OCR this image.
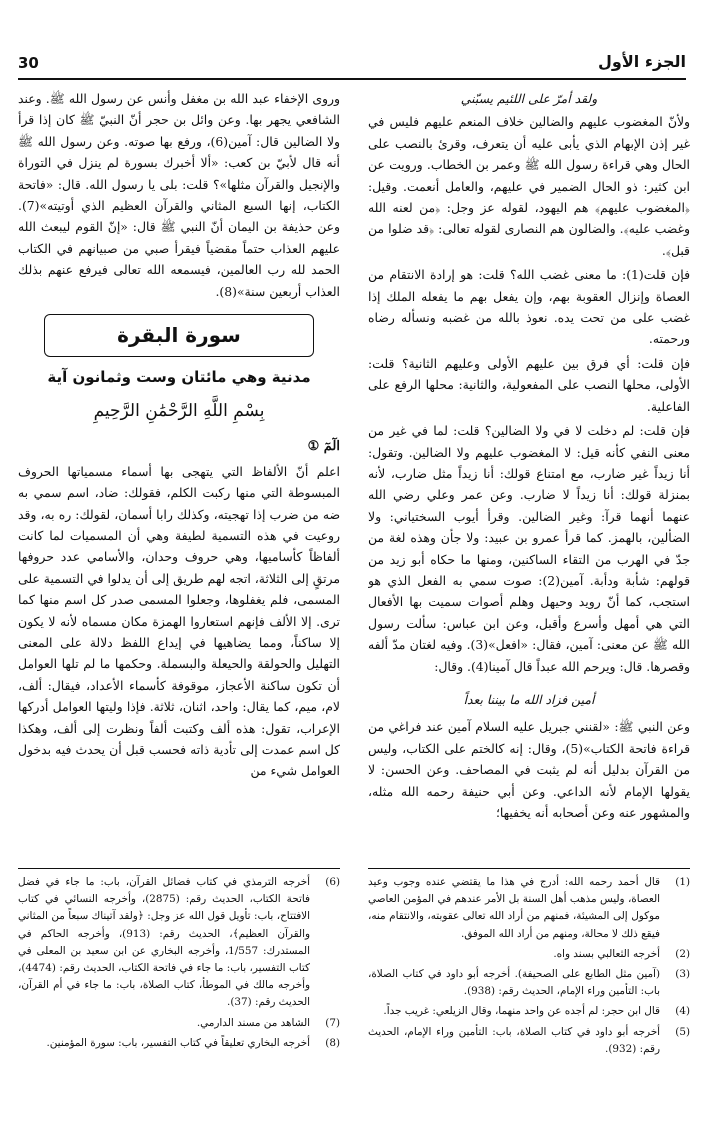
30	الجزء الأول

ولقد أمرّ على اللئيم يسبّني

ولأنّ المغضوب عليهم والضالين خلاف المنعم عليهم فليس في غير إذن الإبهام الذي يأبى عليه أن يتعرف، وقرئ بالنصب على الحال وهي قراءة رسول الله ﷺ وعمر بن الخطاب. ورويت عن ابن كثير: ذو الحال الضمير في عليهم، والعامل أنعمت. وقيل: ﴿المغضوب عليهم﴾ هم اليهود، لقوله عز وجل: ﴿من لعنه الله وغضب عليه﴾. والضالون هم النصارى لقوله تعالى: ﴿قد ضلوا من قبل﴾.

فإن قلت(1): ما معنى غضب الله؟ قلت: هو إرادة الانتقام من العصاة وإنزال العقوبة بهم، وإن يفعل بهم ما يفعله الملك إذا غضب على من تحت يده. نعوذ بالله من غضبه ونسأله رضاه ورحمته.

فإن قلت: أي فرق بين عليهم الأولى وعليهم الثانية؟ قلت: الأولى، محلها النصب على المفعولية، والثانية: محلها الرفع على الفاعلية.

فإن قلت: لم دخلت لا في ولا الضالين؟ قلت: لما في غير من معنى النفي كأنه قيل: لا المغضوب عليهم ولا الضالين. وتقول: أنا زيداً غير ضارب، مع امتناع قولك: أنا زيداً مثل ضارب، لأنه بمنزلة قولك: أنا زيداً لا ضارب. وعن عمر وعلي رضي الله عنهما أنهما قرآ: وغير الضالين. وقرأ أيوب السختياني: ولا الضألين، بالهمز. كما قرأ عمرو بن عبيد: ولا جأن وهذه لغة من جدّ في الهرب من التقاء الساكنين، ومنها ما حكاه أبو زيد من قولهم: شأبة ودأبة. آمين(2): صوت سمي به الفعل الذي هو استجب، كما أنّ رويد وحيهل وهلم أصوات سميت بها الأفعال التي هي أمهل وأسرع وأقبل، وعن ابن عباس: سألت رسول الله ﷺ عن معنى: آمين، فقال: «افعل»(3). وفيه لغتان مدّ ألفه وقصرها. قال: ويرحم الله عبداً قال آمينا(4). وقال:

أمين فزاد الله ما بيننا بعداً

وعن النبي ﷺ: «لقنني جبريل عليه السلام آمين عند فراغي من قراءة فاتحة الكتاب»(5)، وقال: إنه كالختم على الكتاب، وليس من القرآن بدليل أنه لم يثبت في المصاحف. وعن الحسن: لا يقولها الإمام لأنه الداعي. وعن أبي حنيفة رحمه الله مثله، والمشهور عنه وعن أصحابه أنه يخفيها؛

وروى الإخفاء عبد الله بن مغفل وأنس عن رسول الله ﷺ. وعند الشافعي يجهر بها. وعن وائل بن حجر أنّ النبيّ ﷺ كان إذا قرأ ولا الضالين قال: آمين(6)، ورفع بها صوته. وعن رسول الله ﷺ أنه قال لأبيّ بن كعب: «ألا أخبرك بسورة لم ينزل في التوراة والإنجيل والقرآن مثلها»؟ قلت: بلى يا رسول الله. قال: «فاتحة الكتاب، إنها السبع المثاني والقرآن العظيم الذي أوتيته»(7). وعن حذيفة بن اليمان أنّ النبي ﷺ قال: «إنّ القوم ليبعث الله عليهم العذاب حتماً مقضياً فيقرأ صبي من صبيانهم في الكتاب الحمد لله رب العالمين، فيسمعه الله تعالى فيرفع عنهم بذلك العذاب أربعين سنة»(8).

سورة البقرة
مدنية وهي مائتان وست وثمانون آية
بِسْمِ اللَّهِ الرَّحْمَٰنِ الرَّحِيمِ

الٓمٓ ①

اعلم أنّ الألفاظ التي يتهجى بها أسماء مسمياتها الحروف المبسوطة التي منها ركبت الكلم، فقولك: ضاد، اسم سمي به ضه من ضرب إذا تهجيته، وكذلك رابا أسمان، لقولك: ره به، وقد روعيت في هذه التسمية لطيفة وهي أن المسميات لما كانت ألفاظاً كأساميها، وهي حروف وحدان، والأسامي عدد حروفها مرتقٍ إلى الثلاثة، اتجه لهم طريق إلى أن يدلوا في التسمية على المسمى، فلم يغفلوها، وجعلوا المسمى صدر كل اسم منها كما ترى. إلا الألف فإنهم استعاروا الهمزة مكان مسماه لأنه لا يكون إلا ساكناً، ومما يضاهيها في إيداع اللفظ دلالة على المعنى التهليل والحولقة والحيعلة والبسملة. وحكمها ما لم تلها العوامل أن تكون ساكنة الأعجاز، موقوفة كأسماء الأعداد، فيقال: ألف، لام، ميم، كما يقال: واحد، اثنان، ثلاثة. فإذا وليتها العوامل أدركها الإعراب، تقول: هذه ألف وكتبت ألفاً ونظرت إلى ألف، وهكذا كل اسم عمدت إلى تأدية ذاته فحسب قبل أن يحدث فيه بدخول العوامل شيء من

(1)
قال أحمد رحمه الله: أدرج في هذا ما يقتضي عنده وجوب وعيد العصاة، وليس مذهب أهل السنة بل الأمر عندهم في المؤمن العاصي موكول إلى المشيئة، فمنهم من أراد الله تعالى عقوبته، والانتقام منه، فيقع ذلك لا محالة، ومنهم من أراد الله الموفق.
(2)
أخرجه الثعالبي بسند واه.
(3)
(آمين مثل الطابع على الصحيفة). أخرجه أبو داود في كتاب الصلاة، باب: التأمين وراء الإمام، الحديث رقم: (938).
(4)
قال ابن حجر: لم أجده عن واحد منهما، وقال الزيلعي: غريب جداً.
(5)
أخرجه أبو داود في كتاب الصلاة، باب: التأمين وراء الإمام، الحديث رقم: (932).
(6)
أخرجه الترمذي في كتاب فضائل القرآن، باب: ما جاء في فضل فاتحة الكتاب، الحديث رقم: (2875)، وأخرجه النسائي في كتاب الافتتاح، باب: تأويل قول الله عز وجل: ﴿ولقد آتيناك سبعاً من المثاني والقرآن العظيم﴾، الحديث رقم: (913)، وأخرجه الحاكم في المستدرك: 1/557، وأخرجه البخاري عن ابن سعيد بن المعلى في كتاب التفسير، باب: ما جاء في فاتحة الكتاب، الحديث رقم: (4474)، وأخرجه مالك في الموطأ، كتاب الصلاة، باب: ما جاء في أم القرآن، الحديث رقم: (37).
(7)
الشاهد من مسند الدارمي.
(8)
أخرجه البخاري تعليقاً في كتاب التفسير، باب: سورة المؤمنين.
